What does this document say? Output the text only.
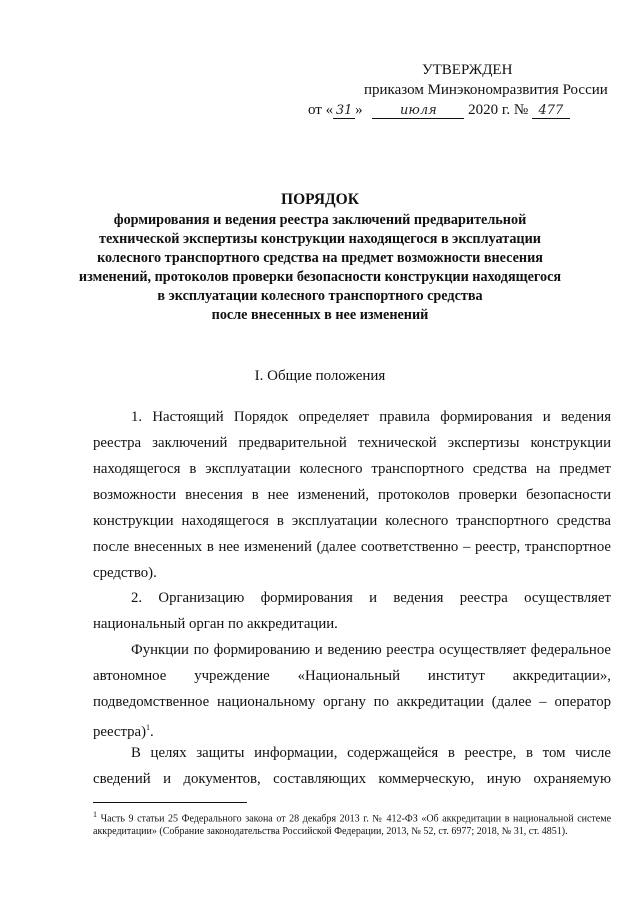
УТВЕРЖДЕН
приказом Минэкономразвития России
от « 31 »	июля 2020 г. № 477
ПОРЯДОК
формирования и ведения реестра заключений предварительной
технической экспертизы конструкции находящегося в эксплуатации
колесного транспортного средства на предмет возможности внесения
изменений, протоколов проверки безопасности конструкции находящегося
в эксплуатации колесного транспортного средства
после внесенных в нее изменений
I. Общие положения
1. Настоящий Порядок определяет правила формирования и ведения реестра заключений предварительной технической экспертизы конструкции находящегося в эксплуатации колесного транспортного средства на предмет возможности внесения в нее изменений, протоколов проверки безопасности конструкции находящегося в эксплуатации колесного транспортного средства после внесенных в нее изменений (далее соответственно – реестр, транспортное средство).
2. Организацию формирования и ведения реестра осуществляет национальный орган по аккредитации.
Функции по формированию и ведению реестра осуществляет федеральное автономное учреждение «Национальный институт аккредитации», подведомственное национальному органу по аккредитации (далее – оператор реестра)$^1$.
В целях защиты информации, содержащейся в реестре, в том числе сведений и документов, составляющих коммерческую, иную охраняемую
$^1$ Часть 9 статьи 25 Федерального закона от 28 декабря 2013 г. № 412-ФЗ «Об аккредитации в национальной системе аккредитации» (Собрание законодательства Российской Федерации, 2013, № 52, ст. 6977; 2018, № 31, ст. 4851).
